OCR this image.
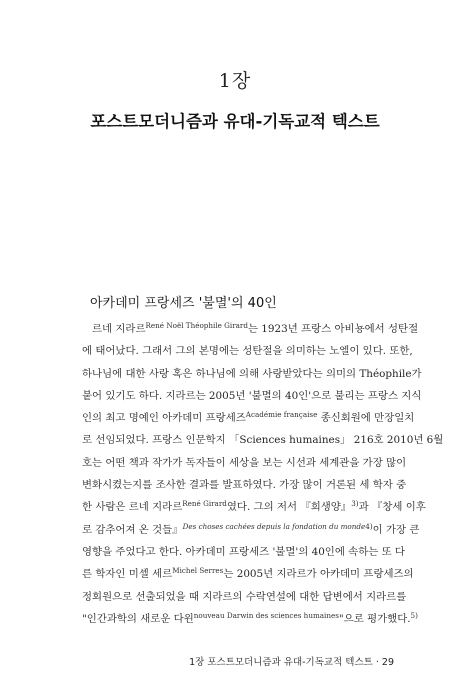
1장
포스트모더니즘과 유대-기독교적 텍스트
아카데미 프랑세즈 '불멸'의 40인
르네 지라르$^{René Noël Théophile Girard}$는 1923년 프랑스 아비뇽에서 성탄절
에 태어났다. 그래서 그의 본명에는 성탄절을 의미하는 노엘이 있다. 또한,
하나님에 대한 사랑 혹은 하나님에 의해 사랑받았다는 의미의 Théophile가
붙어 있기도 하다. 지라르는 2005년 '불멸의 40인'으로 불리는 프랑스 지식
인의 최고 명예인 아카데미 프랑세즈$^{Académie française}$ 종신회원에 만장일치
로 선임되었다. 프랑스 인문학지 「Sciences humaines」 216호 2010년 6월
호는 어떤 책과 작가가 독자들이 세상을 보는 시선과 세계관을 가장 많이
변화시켰는지를 조사한 결과를 발표하였다. 가장 많이 거론된 세 학자 중
한 사람은 르네 지라르$^{René Girard}$였다. 그의 저서 『희생양』$^{3)}$과 『창세 이후
로 감추어져 온 것들』$^{Des choses cachées depuis la fondation du monde4)}$이 가장 큰
영향을 주었다고 한다. 아카데미 프랑세즈 '불멸'의 40인에 속하는 또 다
른 학자인 미셸 세르$^{Michel Serres}$는 2005년 지라르가 아카데미 프랑세즈의
정회원으로 선출되었을 때 지라르의 수락연설에 대한 답변에서 지라르를
"인간과학의 새로운 다윈$^{nouveau Darwin des sciences humaines}$"으로 평가했다.$^{5)}$
1장 포스트모더니즘과 유대-기독교적 텍스트 · 29
